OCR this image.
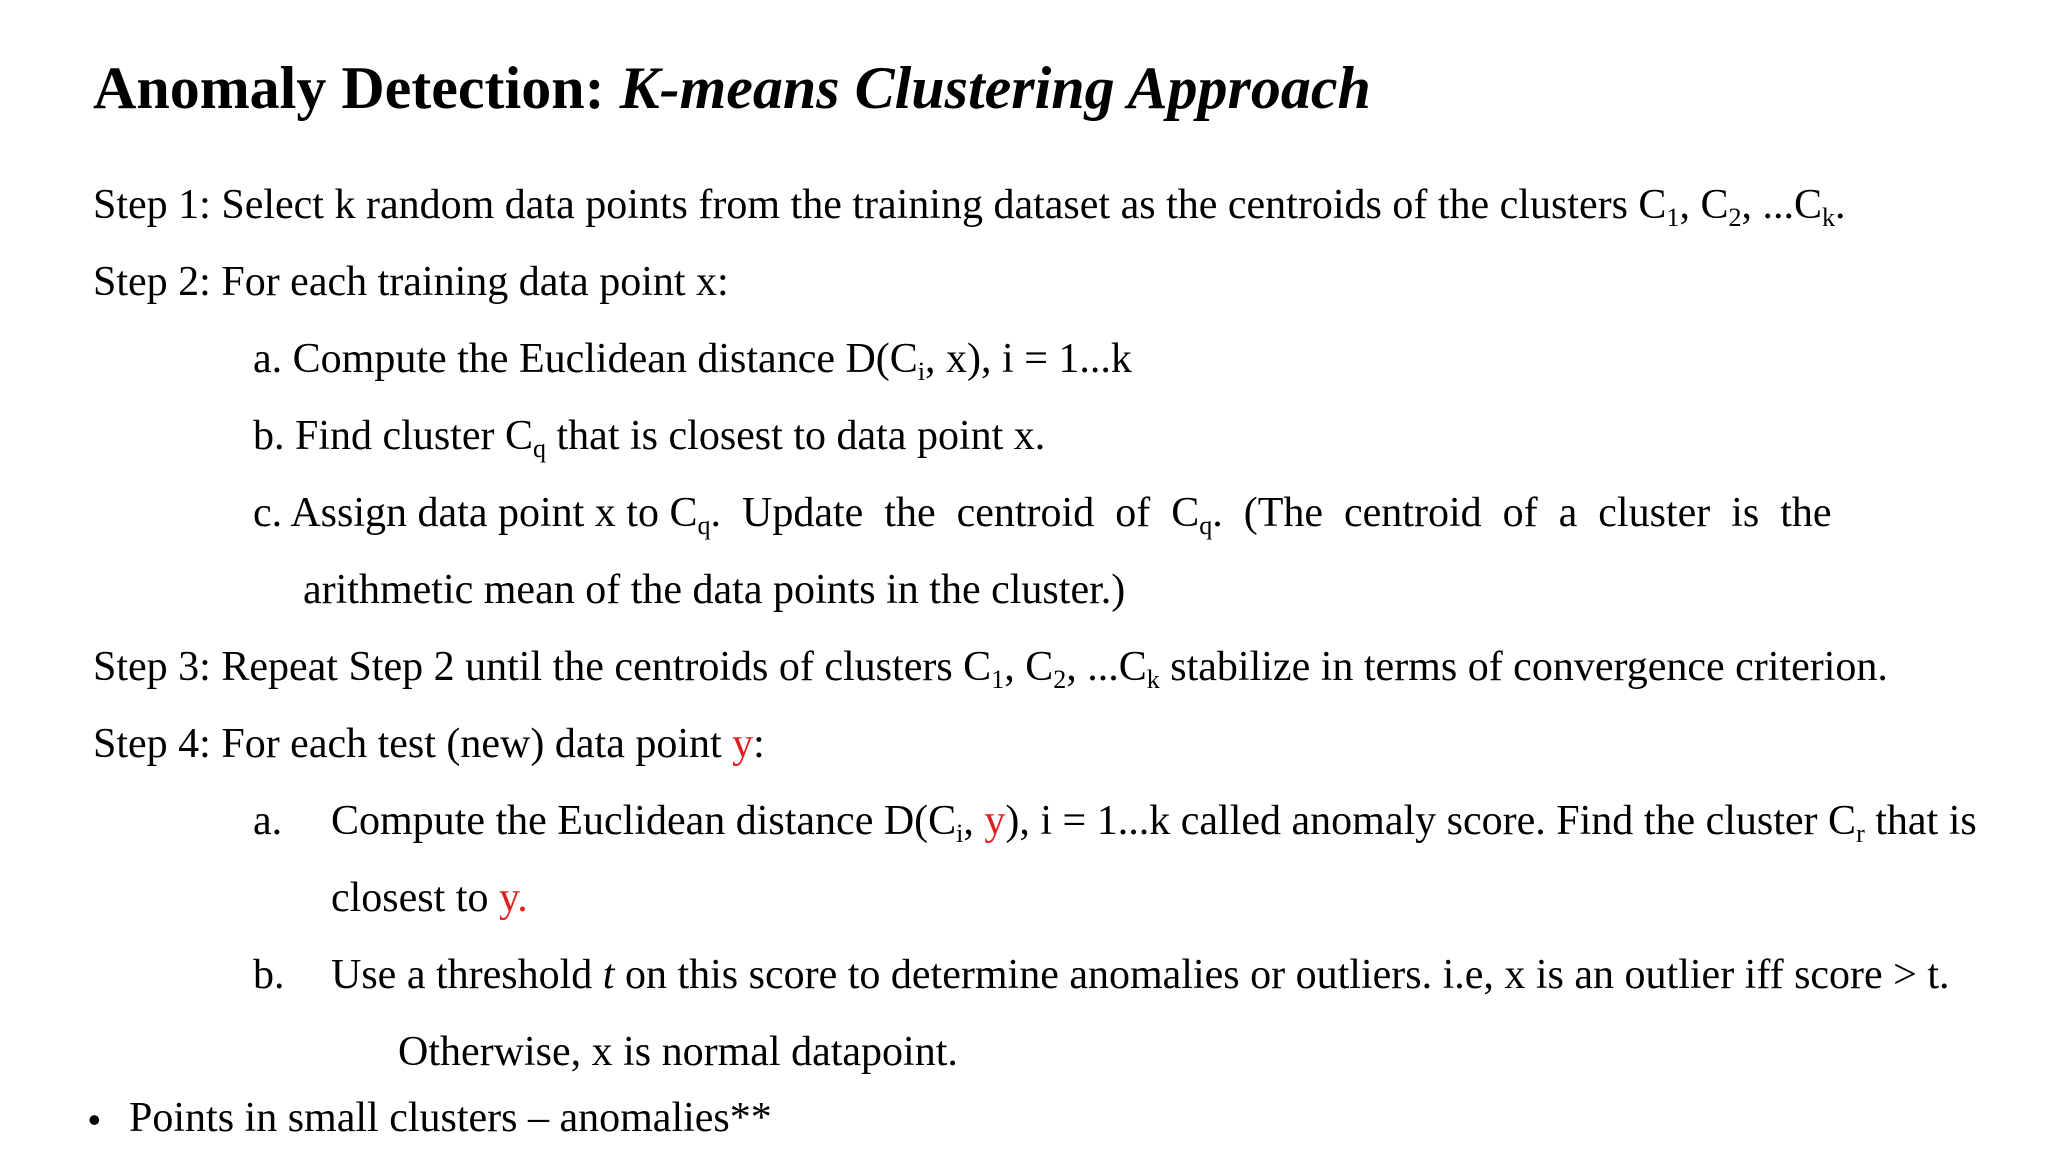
Anomaly Detection: K-means Clustering Approach
Step 1: Select k random data points from the training dataset as the centroids of the clusters $C_1$, $C_2$, $...C_k$.
Step 2: For each training data point x:
a. Compute the Euclidean distance $D(C_i$, x), i = 1...k
b. Find cluster $C_q$ that is closest to data point x.
c. Assign data point x to $C_q$.  Update  the  centroid  of  $C_q$.  (The  centroid  of  a  cluster  is  the
arithmetic mean of the data points in the cluster.)
Step 3: Repeat Step 2 until the centroids of clusters $C_1$, $C_2$, $...C_k$ stabilize in terms of convergence criterion.
Step 4: For each test (new) data point y:
a. Compute the Euclidean distance $D(C_i$, y), i = 1...k called anomaly score. Find the cluster $C_r$ that is
closest to y.
b. Use a threshold t on this score to determine anomalies or outliers. i.e, x is an outlier iff score > t.
Otherwise, x is normal datapoint.
• Points in small clusters – anomalies**
